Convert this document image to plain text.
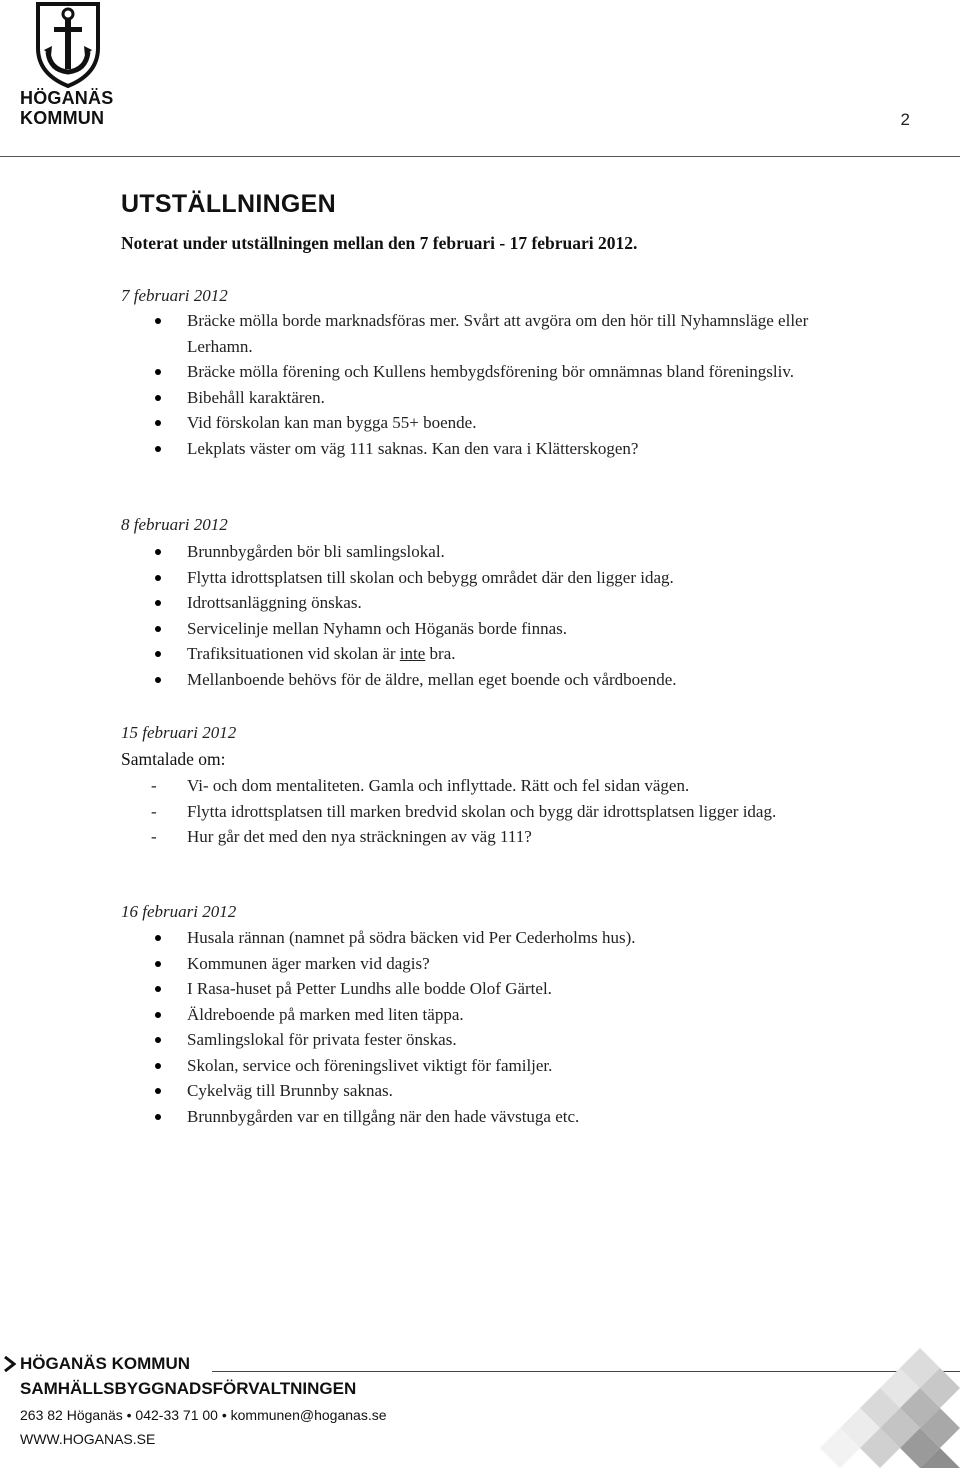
HÖGANÄS
KOMMUN	2
UTSTÄLLNINGEN
Noterat under utställningen mellan den 7 februari - 17 februari 2012.
7 februari 2012
Bräcke mölla borde marknadsföras mer. Svårt att avgöra om den hör till Nyhamnsläge eller Lerhamn.
Bräcke mölla förening och Kullens hembygdsförening bör omnämnas bland föreningsliv.
Bibehåll karaktären.
Vid förskolan kan man bygga 55+ boende.
Lekplats väster om väg 111 saknas. Kan den vara i Klätterskogen?
8 februari 2012
Brunnbygården bör bli samlingslokal.
Flytta idrottsplatsen till skolan och bebygg området där den ligger idag.
Idrottsanläggning önskas.
Servicelinje mellan Nyhamn och Höganäs borde finnas.
Trafiksituationen vid skolan är inte bra.
Mellanboende behövs för de äldre, mellan eget boende och vårdboende.
15 februari 2012
Samtalade om:
- Vi- och dom mentaliteten. Gamla och inflyttade. Rätt och fel sidan vägen.
- Flytta idrottsplatsen till marken bredvid skolan och bygg där idrottsplatsen ligger idag.
- Hur går det med den nya sträckningen av väg 111?
16 februari 2012
Husala rännan (namnet på södra bäcken vid Per Cederholms hus).
Kommunen äger marken vid dagis?
I Rasa-huset på Petter Lundhs alle bodde Olof Gärtel.
Äldreboende på marken med liten täppa.
Samlingslokal för privata fester önskas.
Skolan, service och föreningslivet viktigt för familjer.
Cykelväg till Brunnby saknas.
Brunnbygården var en tillgång när den hade vävstuga etc.
HÖGANÄS KOMMUN
SAMHÄLLSBYGGNADSFÖRVALTNINGEN
263 82 Höganäs • 042-33 71 00 • kommunen@hoganas.se
WWW.HOGANAS.SE
